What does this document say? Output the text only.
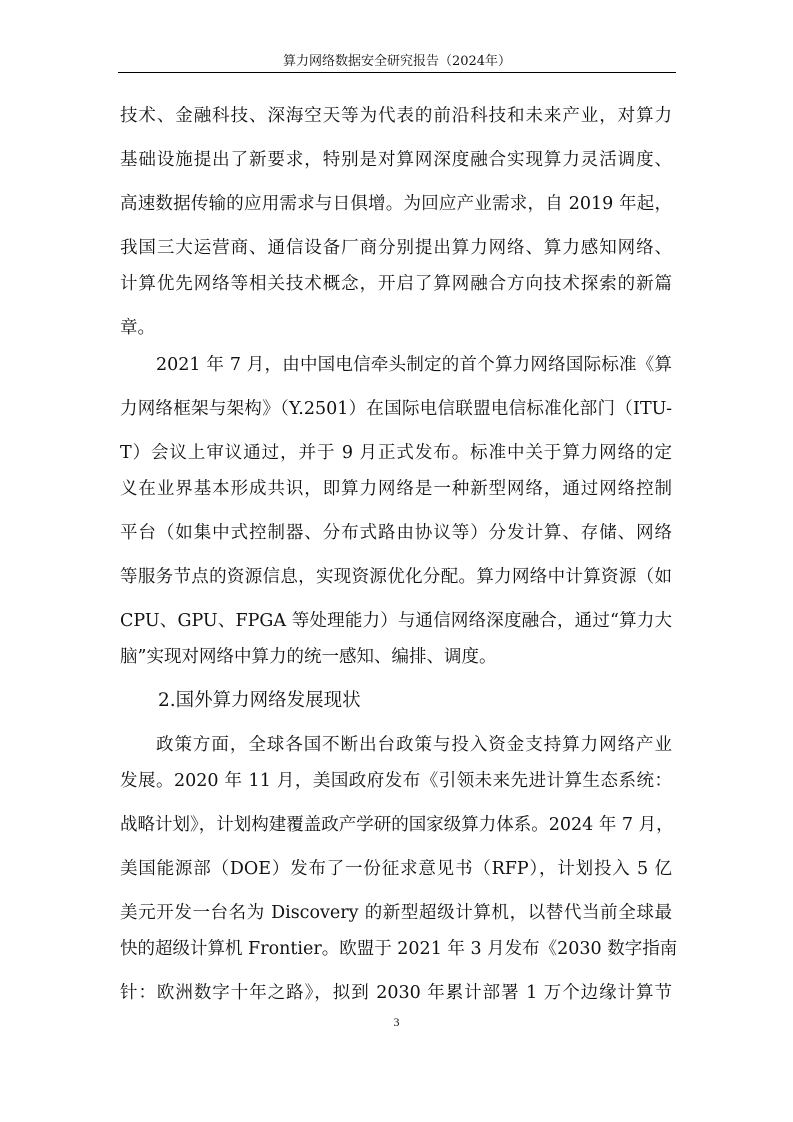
算力网络数据安全研究报告（2024年）
技术、金融科技、深海空天等为代表的前沿科技和未来产业，对算力
基础设施提出了新要求，特别是对算网深度融合实现算力灵活调度、
高速数据传输的应用需求与日俱增。为回应产业需求，自 2019 年起，
我国三大运营商、通信设备厂商分别提出算力网络、算力感知网络、
计算优先网络等相关技术概念，开启了算网融合方向技术探索的新篇
章。
2021 年 7 月，由中国电信牵头制定的首个算力网络国际标准《算
力网络框架与架构》（Y.2501）在国际电信联盟电信标准化部门（ITU-
T）会议上审议通过，并于 9 月正式发布。标准中关于算力网络的定
义在业界基本形成共识，即算力网络是一种新型网络，通过网络控制
平台（如集中式控制器、分布式路由协议等）分发计算、存储、网络
等服务节点的资源信息，实现资源优化分配。算力网络中计算资源（如
CPU、GPU、FPGA 等处理能力）与通信网络深度融合，通过“算力大
脑”实现对网络中算力的统一感知、编排、调度。
2.国外算力网络发展现状
政策方面，全球各国不断出台政策与投入资金支持算力网络产业
发展。2020 年 11 月，美国政府发布《引领未来先进计算生态系统：
战略计划》，计划构建覆盖政产学研的国家级算力体系。2024 年 7 月，
美国能源部（DOE）发布了一份征求意见书（RFP），计划投入 5 亿
美元开发一台名为 Discovery 的新型超级计算机，以替代当前全球最
快的超级计算机 Frontier。欧盟于 2021 年 3 月发布《2030 数字指南
针：欧洲数字十年之路》，拟到 2030 年累计部署 1 万个边缘计算节
3
